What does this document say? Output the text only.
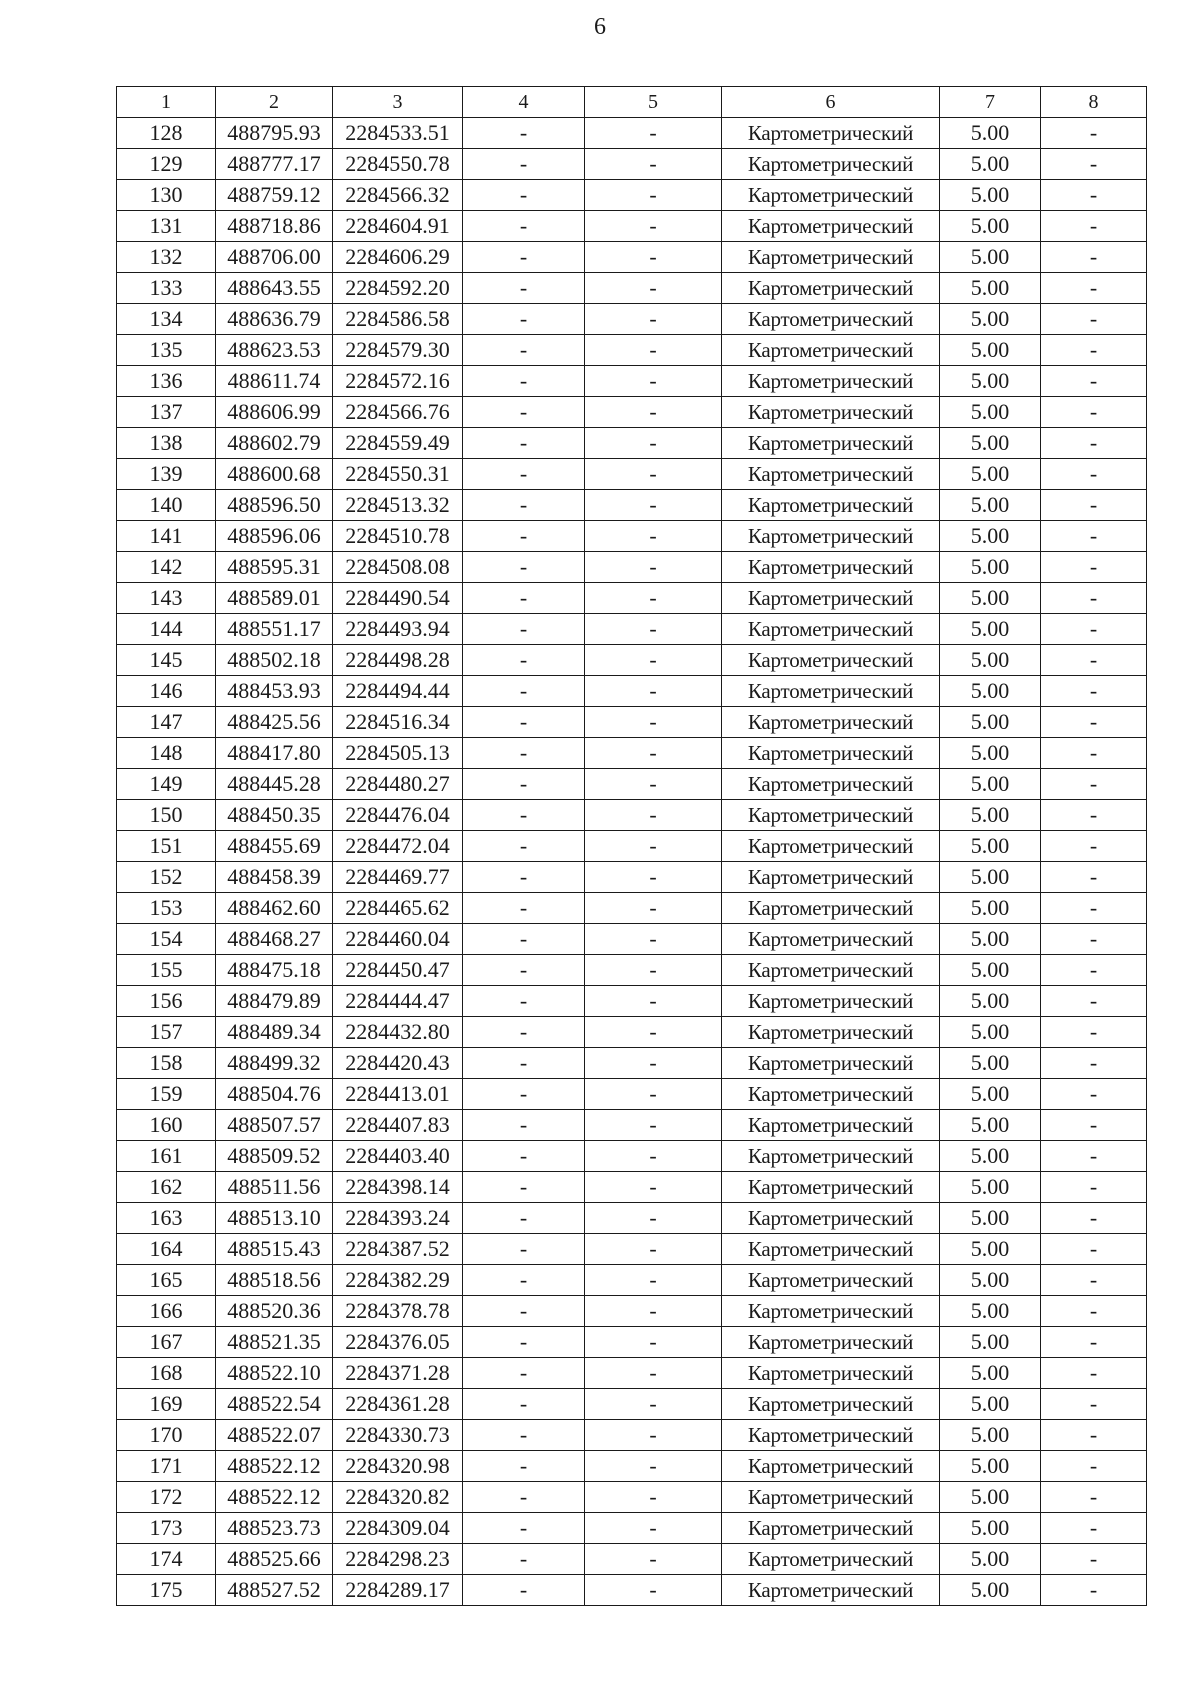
6
1	2	3	4	5	6	7	8
128	488795.93	2284533.51	-	-	Картометрический	5.00	-
129	488777.17	2284550.78	-	-	Картометрический	5.00	-
130	488759.12	2284566.32	-	-	Картометрический	5.00	-
131	488718.86	2284604.91	-	-	Картометрический	5.00	-
132	488706.00	2284606.29	-	-	Картометрический	5.00	-
133	488643.55	2284592.20	-	-	Картометрический	5.00	-
134	488636.79	2284586.58	-	-	Картометрический	5.00	-
135	488623.53	2284579.30	-	-	Картометрический	5.00	-
136	488611.74	2284572.16	-	-	Картометрический	5.00	-
137	488606.99	2284566.76	-	-	Картометрический	5.00	-
138	488602.79	2284559.49	-	-	Картометрический	5.00	-
139	488600.68	2284550.31	-	-	Картометрический	5.00	-
140	488596.50	2284513.32	-	-	Картометрический	5.00	-
141	488596.06	2284510.78	-	-	Картометрический	5.00	-
142	488595.31	2284508.08	-	-	Картометрический	5.00	-
143	488589.01	2284490.54	-	-	Картометрический	5.00	-
144	488551.17	2284493.94	-	-	Картометрический	5.00	-
145	488502.18	2284498.28	-	-	Картометрический	5.00	-
146	488453.93	2284494.44	-	-	Картометрический	5.00	-
147	488425.56	2284516.34	-	-	Картометрический	5.00	-
148	488417.80	2284505.13	-	-	Картометрический	5.00	-
149	488445.28	2284480.27	-	-	Картометрический	5.00	-
150	488450.35	2284476.04	-	-	Картометрический	5.00	-
151	488455.69	2284472.04	-	-	Картометрический	5.00	-
152	488458.39	2284469.77	-	-	Картометрический	5.00	-
153	488462.60	2284465.62	-	-	Картометрический	5.00	-
154	488468.27	2284460.04	-	-	Картометрический	5.00	-
155	488475.18	2284450.47	-	-	Картометрический	5.00	-
156	488479.89	2284444.47	-	-	Картометрический	5.00	-
157	488489.34	2284432.80	-	-	Картометрический	5.00	-
158	488499.32	2284420.43	-	-	Картометрический	5.00	-
159	488504.76	2284413.01	-	-	Картометрический	5.00	-
160	488507.57	2284407.83	-	-	Картометрический	5.00	-
161	488509.52	2284403.40	-	-	Картометрический	5.00	-
162	488511.56	2284398.14	-	-	Картометрический	5.00	-
163	488513.10	2284393.24	-	-	Картометрический	5.00	-
164	488515.43	2284387.52	-	-	Картометрический	5.00	-
165	488518.56	2284382.29	-	-	Картометрический	5.00	-
166	488520.36	2284378.78	-	-	Картометрический	5.00	-
167	488521.35	2284376.05	-	-	Картометрический	5.00	-
168	488522.10	2284371.28	-	-	Картометрический	5.00	-
169	488522.54	2284361.28	-	-	Картометрический	5.00	-
170	488522.07	2284330.73	-	-	Картометрический	5.00	-
171	488522.12	2284320.98	-	-	Картометрический	5.00	-
172	488522.12	2284320.82	-	-	Картометрический	5.00	-
173	488523.73	2284309.04	-	-	Картометрический	5.00	-
174	488525.66	2284298.23	-	-	Картометрический	5.00	-
175	488527.52	2284289.17	-	-	Картометрический	5.00	-
